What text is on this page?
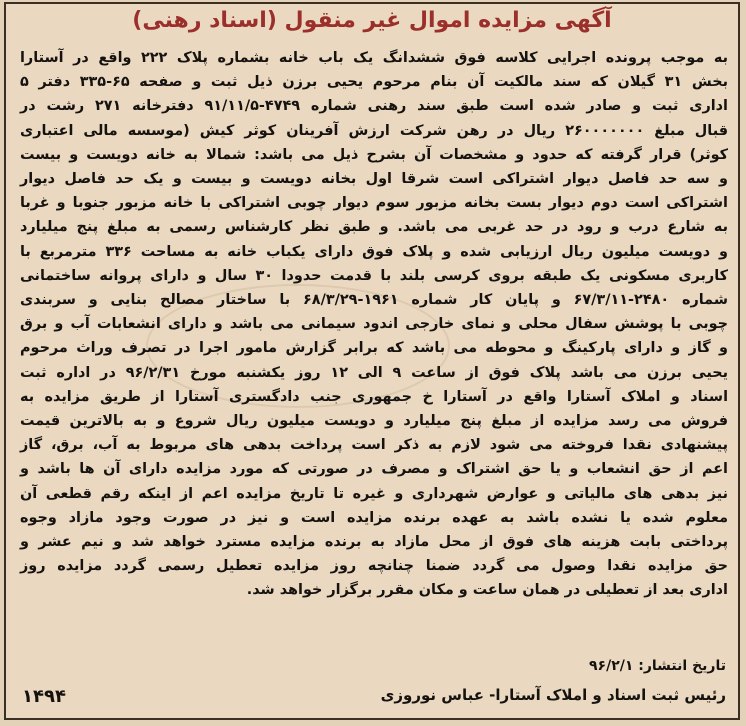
آگهی مزایده اموال غیر منقول (اسناد رهنی)
به موجب پرونده اجرایی کلاسه فوق ششدانگ یک باب خانه بشماره پلاک ۲۲۲ واقع در آستارا
بخش ۳۱ گیلان که سند مالکیت آن بنام مرحوم یحیی برزن ذیل ثبت و صفحه ۶۵-۳۳۵ دفتر ۵
اداری ثبت و صادر شده است طبق سند رهنی شماره ۴۷۴۹-۹۱/۱۱/۵ دفترخانه ۲۷۱ رشت در
قبال مبلغ ۲۶۰۰۰۰۰۰۰ ریال در رهن شرکت ارزش آفرینان کوثر کیش (موسسه مالی اعتباری
کوثر) قرار گرفته که حدود و مشخصات آن بشرح ذیل می باشد: شمالا به خانه دویست و بیست
و سه حد فاصل دیوار اشتراکی است شرقا اول بخانه دویست و بیست و یک حد فاصل دیوار
اشتراکی است دوم دیوار بست بخانه مزبور سوم دیوار چوبی اشتراکی با خانه مزبور جنوبا و غربا
به شارع درب و رود در حد غربی می باشد. و طبق نظر کارشناس رسمی به مبلغ پنج میلیارد
و دویست میلیون ریال ارزیابی شده و پلاک فوق دارای یکباب خانه به مساحت ۳۳۶ مترمربع با
کاربری مسکونی یک طبقه بروی کرسی بلند با قدمت حدودا ۳۰ سال و دارای پروانه ساختمانی
شماره ۲۴۸۰-۶۷/۳/۱۱ و پایان کار شماره ۱۹۶۱-۶۸/۳/۲۹ با ساختار مصالح بنایی و سربندی
چوبی با پوشش سفال محلی و نمای خارجی اندود سیمانی می باشد و دارای انشعابات آب و برق
و گاز و دارای پارکینگ و محوطه می باشد که برابر گزارش مامور اجرا در تصرف وراث مرحوم
یحیی برزن می باشد پلاک فوق از ساعت ۹ الی ۱۲ روز یکشنبه مورخ ۹۶/۲/۳۱ در اداره ثبت
اسناد و املاک آستارا واقع در آستارا خ جمهوری جنب دادگستری آستارا از طریق مزایده به
فروش می رسد مزایده از مبلغ پنج میلیارد و دویست میلیون ریال شروع و به بالاترین قیمت
پیشنهادی نقدا فروخته می شود لازم به ذکر است پرداخت بدهی های مربوط به آب، برق، گاز
اعم از حق انشعاب و یا حق اشتراک و مصرف در صورتی که مورد مزایده دارای آن ها باشد و
نیز بدهی های مالیاتی و عوارض شهرداری و غیره تا تاریخ مزایده اعم از اینکه رقم قطعی آن
معلوم شده یا نشده باشد به عهده برنده مزایده است و نیز در صورت وجود مازاد وجوه
پرداختی بابت هزینه های فوق از محل مازاد به برنده مزایده مسترد خواهد شد و نیم عشر و
حق مزایده نقدا وصول می گردد ضمنا چنانچه روز مزایده تعطیل رسمی گردد مزایده روز
اداری بعد از تعطیلی در همان ساعت و مکان مقرر برگزار خواهد شد.
تاریخ انتشار: ۹۶/۲/۱
رئیس ثبت اسناد و املاک آستارا- عباس نوروزی
۱۴۹۴
